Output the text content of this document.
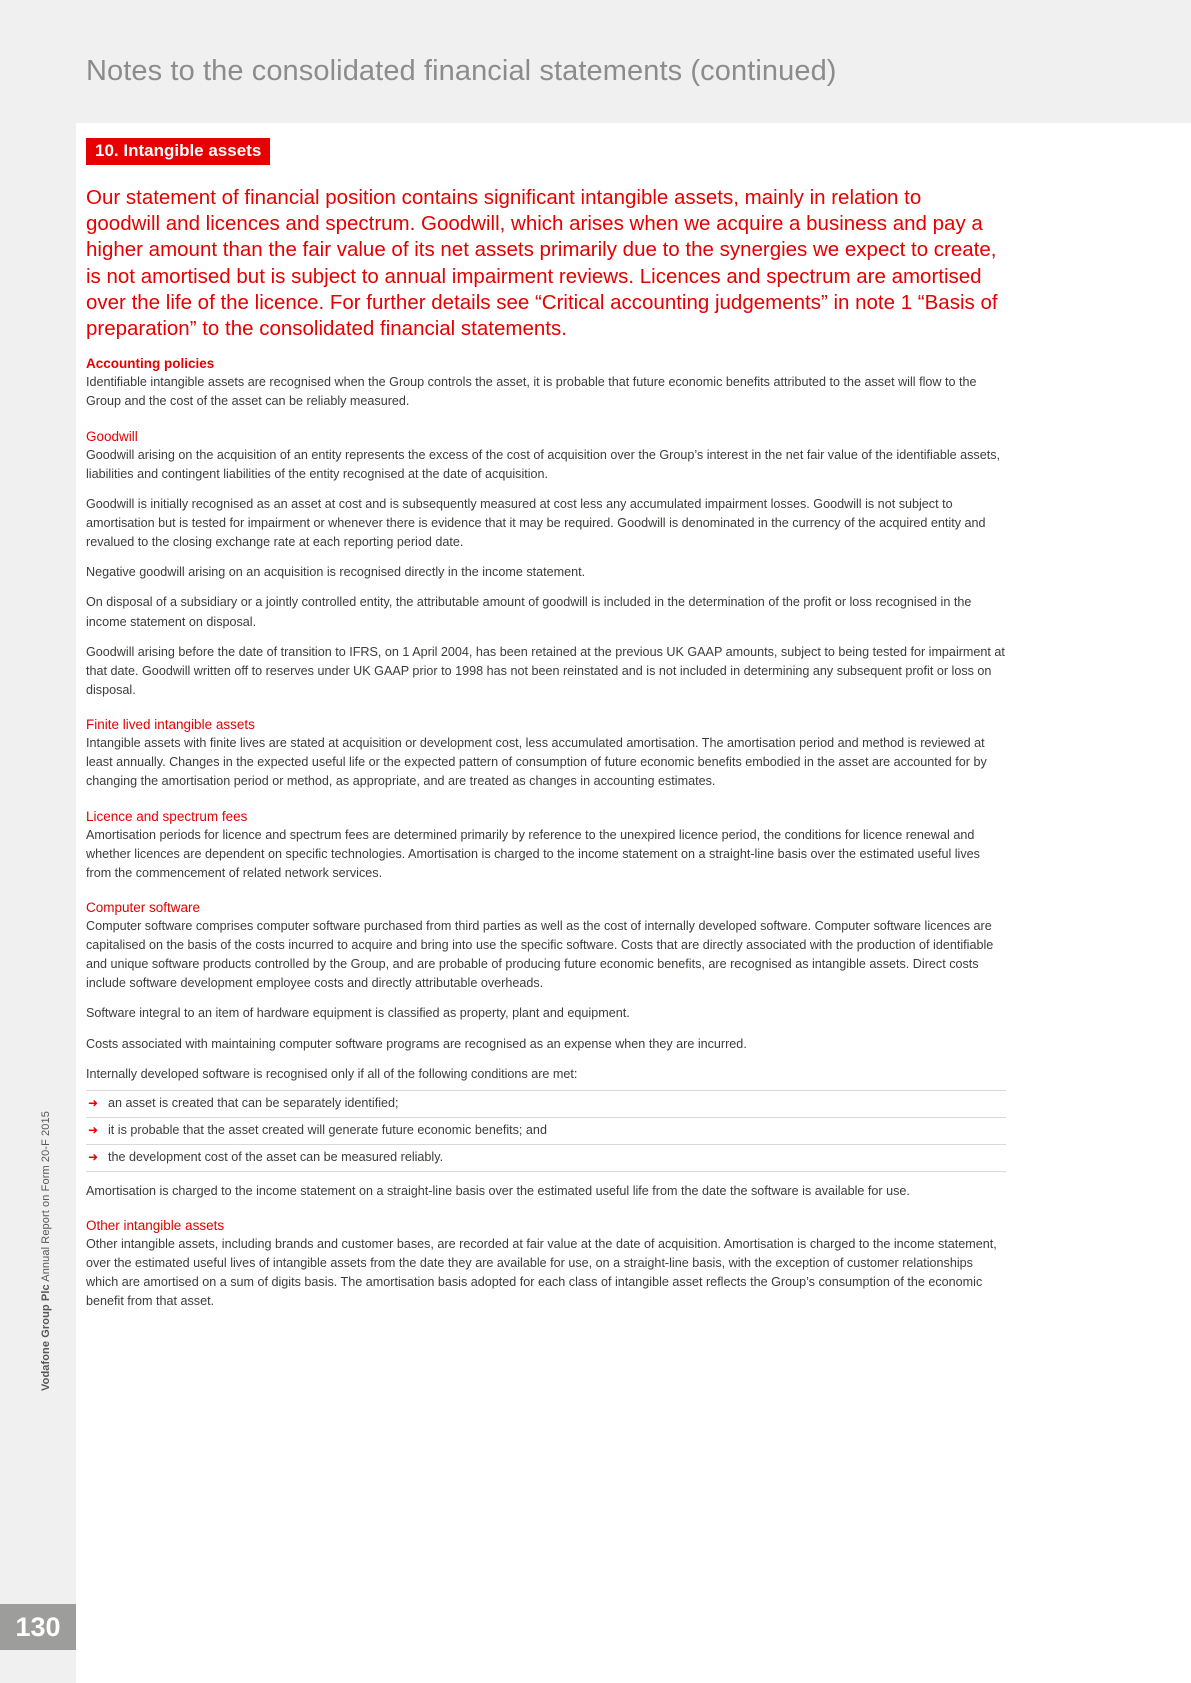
Notes to the consolidated financial statements (continued)
Vodafone Group Plc Annual Report on Form 20-F 2015
130
10. Intangible assets

Our statement of financial position contains significant intangible assets, mainly in relation to goodwill and licences and spectrum. Goodwill, which arises when we acquire a business and pay a higher amount than the fair value of its net assets primarily due to the synergies we expect to create, is not amortised but is subject to annual impairment reviews. Licences and spectrum are amortised over the life of the licence. For further details see “Critical accounting judgements” in note 1 “Basis of preparation” to the consolidated financial statements.

Accounting policies

Identifiable intangible assets are recognised when the Group controls the asset, it is probable that future economic benefits attributed to the asset will flow to the Group and the cost of the asset can be reliably measured.

Goodwill

Goodwill arising on the acquisition of an entity represents the excess of the cost of acquisition over the Group’s interest in the net fair value of the identifiable assets, liabilities and contingent liabilities of the entity recognised at the date of acquisition.

Goodwill is initially recognised as an asset at cost and is subsequently measured at cost less any accumulated impairment losses. Goodwill is not subject to amortisation but is tested for impairment or whenever there is evidence that it may be required. Goodwill is denominated in the currency of the acquired entity and revalued to the closing exchange rate at each reporting period date.

Negative goodwill arising on an acquisition is recognised directly in the income statement.

On disposal of a subsidiary or a jointly controlled entity, the attributable amount of goodwill is included in the determination of the profit or loss recognised in the income statement on disposal.

Goodwill arising before the date of transition to IFRS, on 1 April 2004, has been retained at the previous UK GAAP amounts, subject to being tested for impairment at that date. Goodwill written off to reserves under UK GAAP prior to 1998 has not been reinstated and is not included in determining any subsequent profit or loss on disposal.

Finite lived intangible assets

Intangible assets with finite lives are stated at acquisition or development cost, less accumulated amortisation. The amortisation period and method is reviewed at least annually. Changes in the expected useful life or the expected pattern of consumption of future economic benefits embodied in the asset are accounted for by changing the amortisation period or method, as appropriate, and are treated as changes in accounting estimates.

Licence and spectrum fees

Amortisation periods for licence and spectrum fees are determined primarily by reference to the unexpired licence period, the conditions for licence renewal and whether licences are dependent on specific technologies. Amortisation is charged to the income statement on a straight-line basis over the estimated useful lives from the commencement of related network services.

Computer software

Computer software comprises computer software purchased from third parties as well as the cost of internally developed software. Computer software licences are capitalised on the basis of the costs incurred to acquire and bring into use the specific software. Costs that are directly associated with the production of identifiable and unique software products controlled by the Group, and are probable of producing future economic benefits, are recognised as intangible assets. Direct costs include software development employee costs and directly attributable overheads.

Software integral to an item of hardware equipment is classified as property, plant and equipment.

Costs associated with maintaining computer software programs are recognised as an expense when they are incurred.

Internally developed software is recognised only if all of the following conditions are met:

➜ an asset is created that can be separately identified;
➜ it is probable that the asset created will generate future economic benefits; and
➜ the development cost of the asset can be measured reliably.

Amortisation is charged to the income statement on a straight-line basis over the estimated useful life from the date the software is available for use.

Other intangible assets

Other intangible assets, including brands and customer bases, are recorded at fair value at the date of acquisition. Amortisation is charged to the income statement, over the estimated useful lives of intangible assets from the date they are available for use, on a straight-line basis, with the exception of customer relationships which are amortised on a sum of digits basis. The amortisation basis adopted for each class of intangible asset reflects the Group’s consumption of the economic benefit from that asset.
